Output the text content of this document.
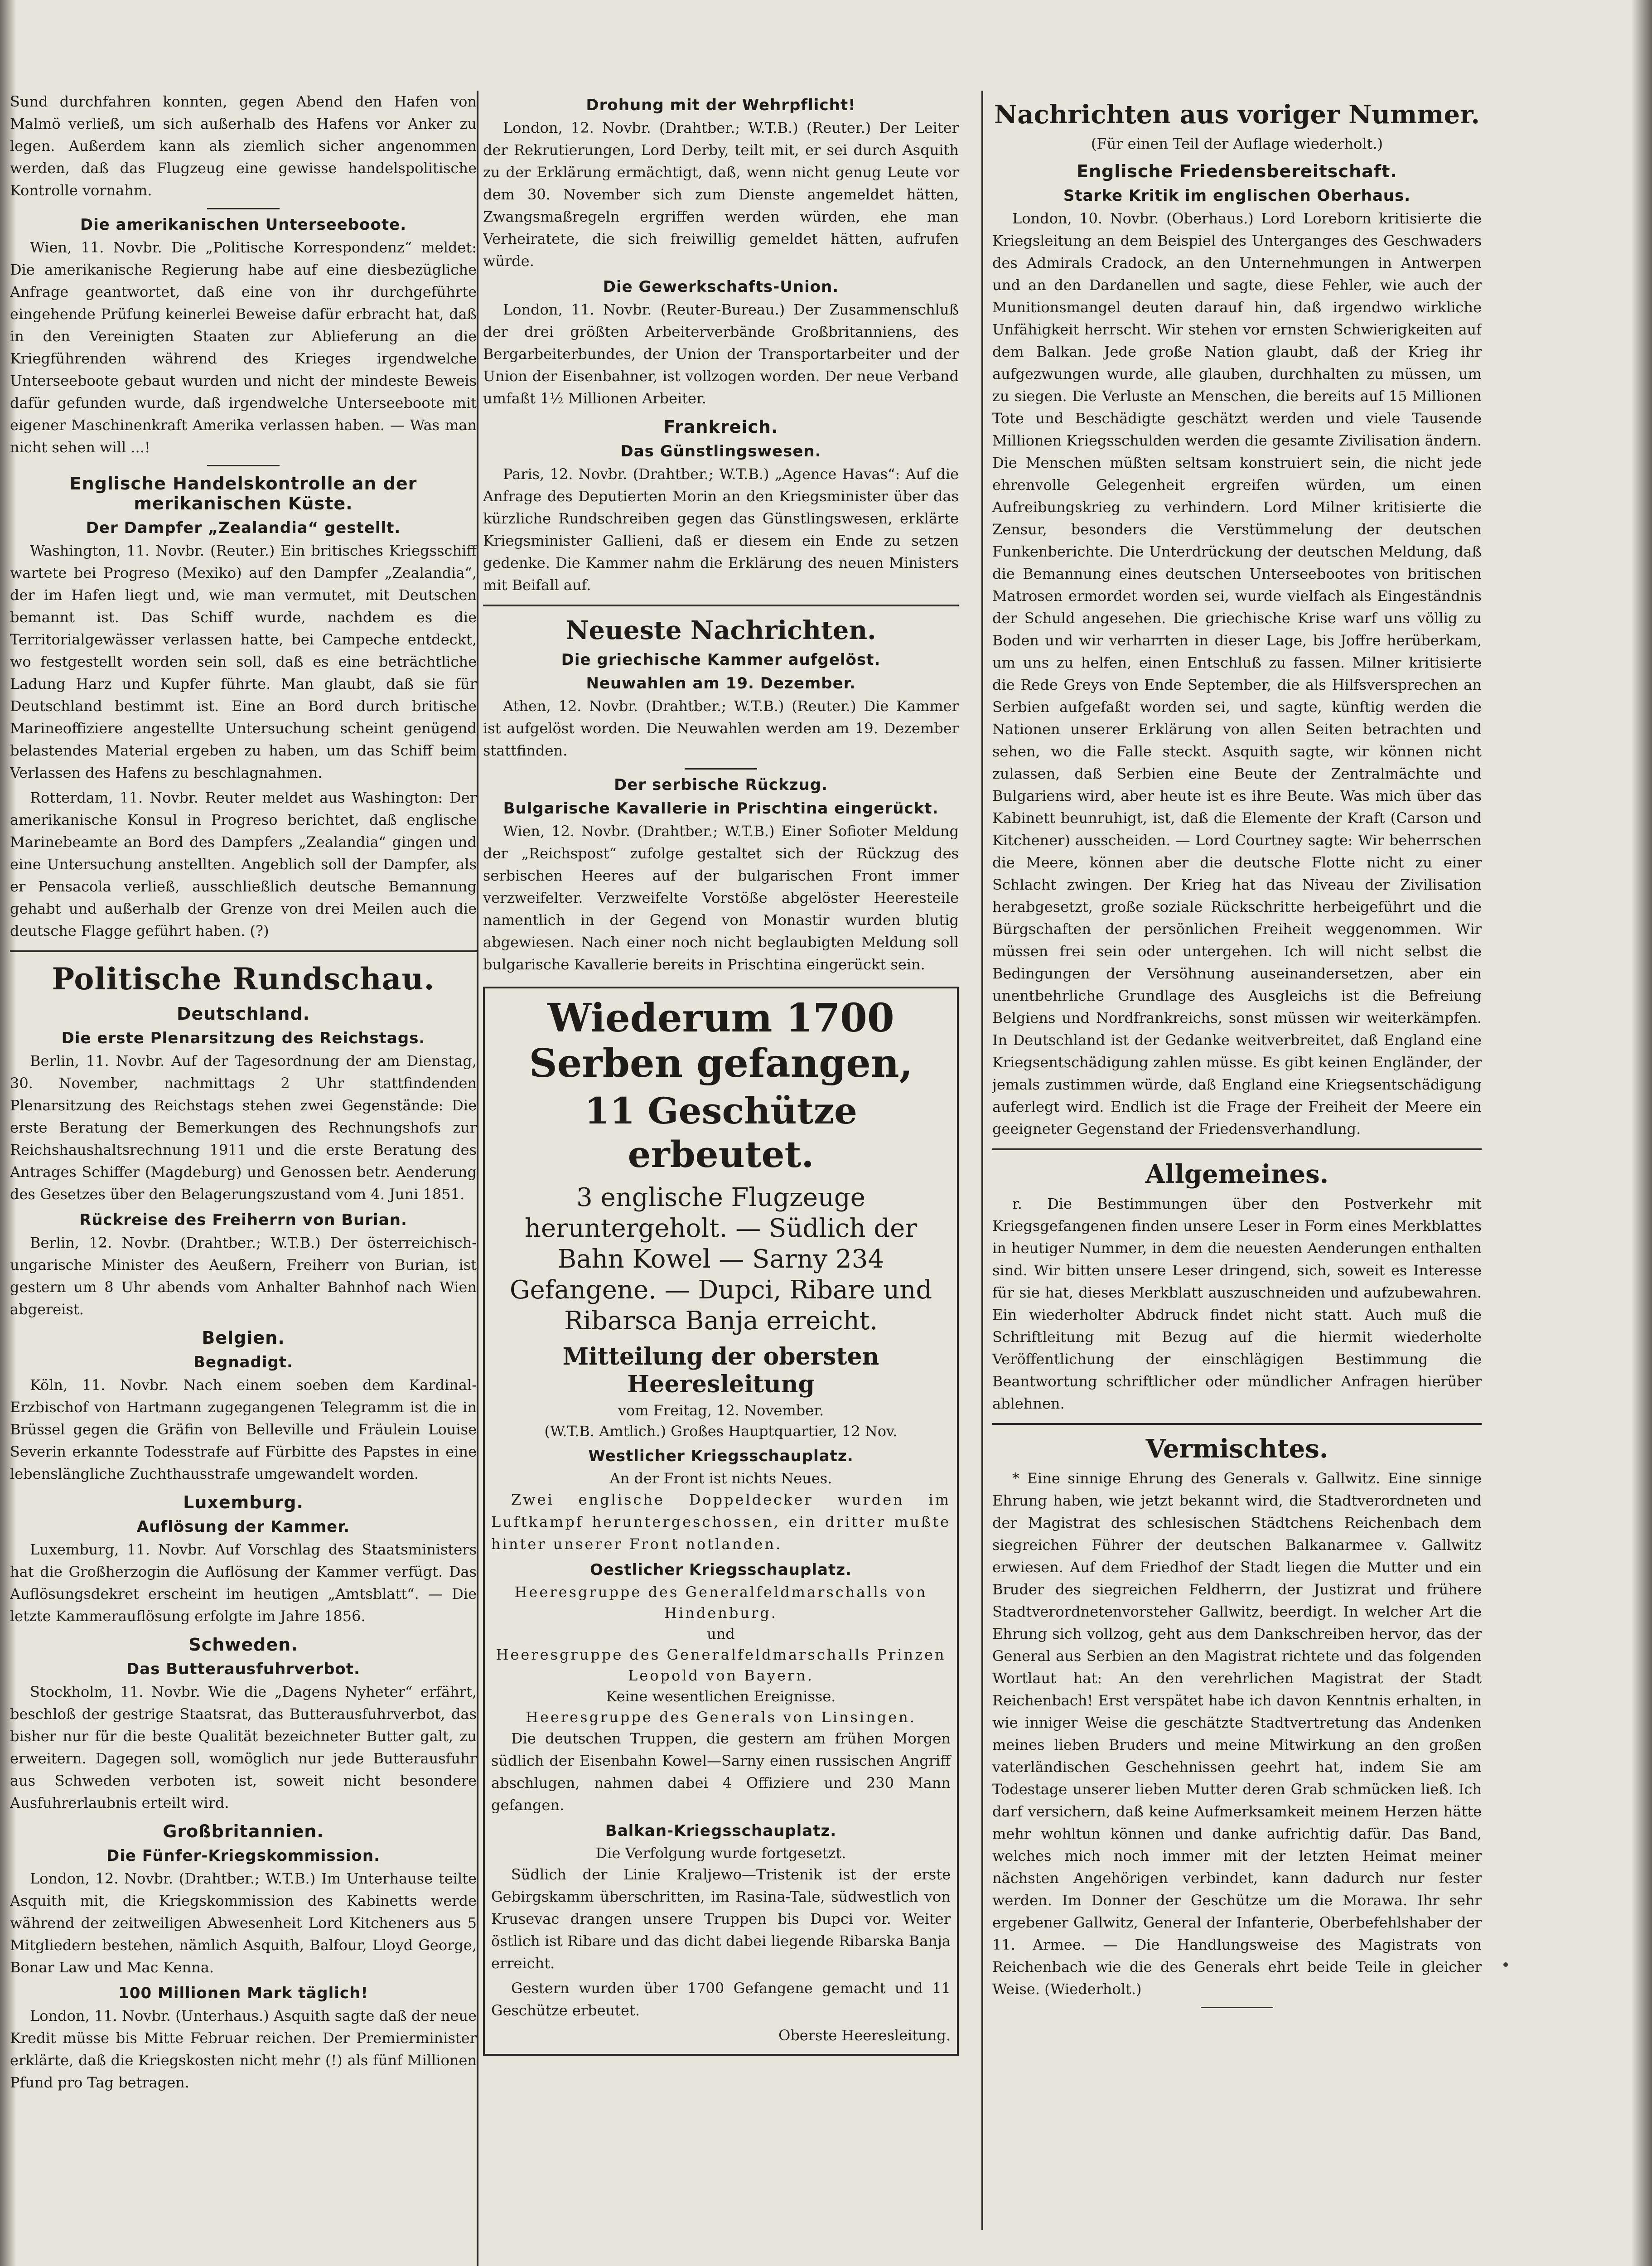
Sund durchfahren konnten, gegen Abend den Hafen von Malmö verließ, um sich außerhalb des Hafens vor Anker zu legen. Außerdem kann als ziemlich sicher angenommen werden, daß das Flugzeug eine gewisse handelspolitische Kontrolle vornahm.

Die amerikanischen Unterseeboote.

Wien, 11. Novbr. Die „Politische Korrespondenz“ meldet: Die amerikanische Regierung habe auf eine diesbezügliche Anfrage geantwortet, daß eine von ihr durchgeführte eingehende Prüfung keinerlei Beweise dafür erbracht hat, daß in den Vereinigten Staaten zur Ablieferung an die Kriegführenden während des Krieges irgendwelche Unterseeboote gebaut wurden und nicht der mindeste Beweis dafür gefunden wurde, daß irgendwelche Unterseeboote mit eigener Maschinenkraft Amerika verlassen haben. — Was man nicht sehen will ...!

Englische Handelskontrolle an der merikanischen Küste.
Der Dampfer „Zealandia“ gestellt.

Washington, 11. Novbr. (Reuter.) Ein britisches Kriegsschiff wartete bei Progreso (Mexiko) auf den Dampfer „Zealandia“, der im Hafen liegt und, wie man vermutet, mit Deutschen bemannt ist. Das Schiff wurde, nachdem es die Territorialgewässer verlassen hatte, bei Campeche entdeckt, wo festgestellt worden sein soll, daß es eine beträchtliche Ladung Harz und Kupfer führte. Man glaubt, daß sie für Deutschland bestimmt ist. Eine an Bord durch britische Marineoffiziere angestellte Untersuchung scheint genügend belastendes Material ergeben zu haben, um das Schiff beim Verlassen des Hafens zu beschlagnahmen.

Rotterdam, 11. Novbr. Reuter meldet aus Washington: Der amerikanische Konsul in Progreso berichtet, daß englische Marinebeamte an Bord des Dampfers „Zealandia“ gingen und eine Untersuchung anstellten. Angeblich soll der Dampfer, als er Pensacola verließ, ausschließlich deutsche Bemannung gehabt und außerhalb der Grenze von drei Meilen auch die deutsche Flagge geführt haben. (?)

Politische Rundschau.
Deutschland.
Die erste Plenarsitzung des Reichstags.

Berlin, 11. Novbr. Auf der Tagesordnung der am Dienstag, 30. November, nachmittags 2 Uhr stattfindenden Plenarsitzung des Reichstags stehen zwei Gegenstände: Die erste Beratung der Bemerkungen des Rechnungshofs zur Reichshaushaltsrechnung 1911 und die erste Beratung des Antrages Schiffer (Magdeburg) und Genossen betr. Aenderung des Gesetzes über den Belagerungszustand vom 4. Juni 1851.

Rückreise des Freiherrn von Burian.

Berlin, 12. Novbr. (Drahtber.; W.T.B.) Der österreichisch-ungarische Minister des Aeußern, Freiherr von Burian, ist gestern um 8 Uhr abends vom Anhalter Bahnhof nach Wien abgereist.

Belgien.
Begnadigt.

Köln, 11. Novbr. Nach einem soeben dem Kardinal-Erzbischof von Hartmann zugegangenen Telegramm ist die in Brüssel gegen die Gräfin von Belleville und Fräulein Louise Severin erkannte Todesstrafe auf Fürbitte des Papstes in eine lebenslängliche Zuchthausstrafe umgewandelt worden.

Luxemburg.
Auflösung der Kammer.

Luxemburg, 11. Novbr. Auf Vorschlag des Staatsministers hat die Großherzogin die Auflösung der Kammer verfügt. Das Auflösungsdekret erscheint im heutigen „Amtsblatt“. — Die letzte Kammerauflösung erfolgte im Jahre 1856.

Schweden.
Das Butterausfuhrverbot.

Stockholm, 11. Novbr. Wie die „Dagens Nyheter“ erfährt, beschloß der gestrige Staatsrat, das Butterausfuhrverbot, das bisher nur für die beste Qualität bezeichneter Butter galt, zu erweitern. Dagegen soll, womöglich nur jede Butterausfuhr aus Schweden verboten ist, soweit nicht besondere Ausfuhrerlaubnis erteilt wird.

Großbritannien.
Die Fünfer-Kriegskommission.

London, 12. Novbr. (Drahtber.; W.T.B.) Im Unterhause teilte Asquith mit, die Kriegskommission des Kabinetts werde während der zeitweiligen Abwesenheit Lord Kitcheners aus 5 Mitgliedern bestehen, nämlich Asquith, Balfour, Lloyd George, Bonar Law und Mac Kenna.

100 Millionen Mark täglich!

London, 11. Novbr. (Unterhaus.) Asquith sagte daß der neue Kredit müsse bis Mitte Februar reichen. Der Premierminister erklärte, daß die Kriegskosten nicht mehr (!) als fünf Millionen Pfund pro Tag betragen.

Drohung mit der Wehrpflicht!

London, 12. Novbr. (Drahtber.; W.T.B.) (Reuter.) Der Leiter der Rekrutierungen, Lord Derby, teilt mit, er sei durch Asquith zu der Erklärung ermächtigt, daß, wenn nicht genug Leute vor dem 30. November sich zum Dienste angemeldet hätten, Zwangsmaßregeln ergriffen werden würden, ehe man Verheiratete, die sich freiwillig gemeldet hätten, aufrufen würde.

Die Gewerkschafts-Union.

London, 11. Novbr. (Reuter-Bureau.) Der Zusammenschluß der drei größten Arbeiterverbände Großbritanniens, des Bergarbeiterbundes, der Union der Transportarbeiter und der Union der Eisenbahner, ist vollzogen worden. Der neue Verband umfaßt 1½ Millionen Arbeiter.

Frankreich.
Das Günstlingswesen.

Paris, 12. Novbr. (Drahtber.; W.T.B.) „Agence Havas“: Auf die Anfrage des Deputierten Morin an den Kriegsminister über das kürzliche Rundschreiben gegen das Günstlingswesen, erklärte Kriegsminister Gallieni, daß er diesem ein Ende zu setzen gedenke. Die Kammer nahm die Erklärung des neuen Ministers mit Beifall auf.

Neueste Nachrichten.
Die griechische Kammer aufgelöst.
Neuwahlen am 19. Dezember.

Athen, 12. Novbr. (Drahtber.; W.T.B.) (Reuter.) Die Kammer ist aufgelöst worden. Die Neuwahlen werden am 19. Dezember stattfinden.

Der serbische Rückzug.
Bulgarische Kavallerie in Prischtina eingerückt.

Wien, 12. Novbr. (Drahtber.; W.T.B.) Einer Sofioter Meldung der „Reichspost“ zufolge gestaltet sich der Rückzug des serbischen Heeres auf der bulgarischen Front immer verzweifelter. Verzweifelte Vorstöße abgelöster Heeresteile namentlich in der Gegend von Monastir wurden blutig abgewiesen. Nach einer noch nicht beglaubigten Meldung soll bulgarische Kavallerie bereits in Prischtina eingerückt sein.

Wiederum 1700 Serben gefangen,
11 Geschütze erbeutet.
3 englische Flugzeuge heruntergeholt. — Südlich der Bahn Kowel — Sarny 234 Gefangene. — Dupci, Ribare und Ribarsca Banja erreicht.
Mitteilung der obersten Heeresleitung
vom Freitag, 12. November.
(W.T.B. Amtlich.) Großes Hauptquartier, 12 Nov.
Westlicher Kriegsschauplatz.
An der Front ist nichts Neues.

Zwei englische Doppeldecker wurden im Luftkampf heruntergeschossen, ein dritter mußte hinter unserer Front notlanden.

Oestlicher Kriegsschauplatz.
Heeresgruppe des Generalfeldmarschalls von Hindenburg.
und
Heeresgruppe des Generalfeldmarschalls Prinzen Leopold von Bayern.
Keine wesentlichen Ereignisse.
Heeresgruppe des Generals von Linsingen.

Die deutschen Truppen, die gestern am frühen Morgen südlich der Eisenbahn Kowel—Sarny einen russischen Angriff abschlugen, nahmen dabei 4 Offiziere und 230 Mann gefangen.

Balkan-Kriegsschauplatz.
Die Verfolgung wurde fortgesetzt.

Südlich der Linie Kraljewo—Tristenik ist der erste Gebirgskamm überschritten, im Rasina-Tale, südwestlich von Krusevac drangen unsere Truppen bis Dupci vor. Weiter östlich ist Ribare und das dicht dabei liegende Ribarska Banja erreicht.

Gestern wurden über 1700 Gefangene gemacht und 11 Geschütze erbeutet.

Oberste Heeresleitung.

Nachrichten aus voriger Nummer.
(Für einen Teil der Auflage wiederholt.)
Englische Friedensbereitschaft.
Starke Kritik im englischen Oberhaus.

London, 10. Novbr. (Oberhaus.) Lord Loreborn kritisierte die Kriegsleitung an dem Beispiel des Unterganges des Geschwaders des Admirals Cradock, an den Unternehmungen in Antwerpen und an den Dardanellen und sagte, diese Fehler, wie auch der Munitionsmangel deuten darauf hin, daß irgendwo wirkliche Unfähigkeit herrscht. Wir stehen vor ernsten Schwierigkeiten auf dem Balkan. Jede große Nation glaubt, daß der Krieg ihr aufgezwungen wurde, alle glauben, durchhalten zu müssen, um zu siegen. Die Verluste an Menschen, die bereits auf 15 Millionen Tote und Beschädigte geschätzt werden und viele Tausende Millionen Kriegsschulden werden die gesamte Zivilisation ändern. Die Menschen müßten seltsam konstruiert sein, die nicht jede ehrenvolle Gelegenheit ergreifen würden, um einen Aufreibungskrieg zu verhindern. Lord Milner kritisierte die Zensur, besonders die Verstümmelung der deutschen Funkenberichte. Die Unterdrückung der deutschen Meldung, daß die Bemannung eines deutschen Unterseebootes von britischen Matrosen ermordet worden sei, wurde vielfach als Eingeständnis der Schuld angesehen. Die griechische Krise warf uns völlig zu Boden und wir verharrten in dieser Lage, bis Joffre herüberkam, um uns zu helfen, einen Entschluß zu fassen. Milner kritisierte die Rede Greys von Ende September, die als Hilfsversprechen an Serbien aufgefaßt worden sei, und sagte, künftig werden die Nationen unserer Erklärung von allen Seiten betrachten und sehen, wo die Falle steckt. Asquith sagte, wir können nicht zulassen, daß Serbien eine Beute der Zentralmächte und Bulgariens wird, aber heute ist es ihre Beute. Was mich über das Kabinett beunruhigt, ist, daß die Elemente der Kraft (Carson und Kitchener) ausscheiden. — Lord Courtney sagte: Wir beherrschen die Meere, können aber die deutsche Flotte nicht zu einer Schlacht zwingen. Der Krieg hat das Niveau der Zivilisation herabgesetzt, große soziale Rückschritte herbeigeführt und die Bürgschaften der persönlichen Freiheit weggenommen. Wir müssen frei sein oder untergehen. Ich will nicht selbst die Bedingungen der Versöhnung auseinandersetzen, aber ein unentbehrliche Grundlage des Ausgleichs ist die Befreiung Belgiens und Nordfrankreichs, sonst müssen wir weiterkämpfen. In Deutschland ist der Gedanke weitverbreitet, daß England eine Kriegsentschädigung zahlen müsse. Es gibt keinen Engländer, der jemals zustimmen würde, daß England eine Kriegsentschädigung auferlegt wird. Endlich ist die Frage der Freiheit der Meere ein geeigneter Gegenstand der Friedensverhandlung.

Allgemeines.

r. Die Bestimmungen über den Postverkehr mit Kriegsgefangenen finden unsere Leser in Form eines Merkblattes in heutiger Nummer, in dem die neuesten Aenderungen enthalten sind. Wir bitten unsere Leser dringend, sich, soweit es Interesse für sie hat, dieses Merkblatt auszuschneiden und aufzubewahren. Ein wiederholter Abdruck findet nicht statt. Auch muß die Schriftleitung mit Bezug auf die hiermit wiederholte Veröffentlichung der einschlägigen Bestimmung die Beantwortung schriftlicher oder mündlicher Anfragen hierüber ablehnen.

Vermischtes.

* Eine sinnige Ehrung des Generals v. Gallwitz. Eine sinnige Ehrung haben, wie jetzt bekannt wird, die Stadtverordneten und der Magistrat des schlesischen Städtchens Reichenbach dem siegreichen Führer der deutschen Balkanarmee v. Gallwitz erwiesen. Auf dem Friedhof der Stadt liegen die Mutter und ein Bruder des siegreichen Feldherrn, der Justizrat und frühere Stadtverordnetenvorsteher Gallwitz, beerdigt. In welcher Art die Ehrung sich vollzog, geht aus dem Dankschreiben hervor, das der General aus Serbien an den Magistrat richtete und das folgenden Wortlaut hat: An den verehrlichen Magistrat der Stadt Reichenbach! Erst verspätet habe ich davon Kenntnis erhalten, in wie inniger Weise die geschätzte Stadtvertretung das Andenken meines lieben Bruders und meine Mitwirkung an den großen vaterländischen Geschehnissen geehrt hat, indem Sie am Todestage unserer lieben Mutter deren Grab schmücken ließ. Ich darf versichern, daß keine Aufmerksamkeit meinem Herzen hätte mehr wohltun können und danke aufrichtig dafür. Das Band, welches mich noch immer mit der letzten Heimat meiner nächsten Angehörigen verbindet, kann dadurch nur fester werden. Im Donner der Geschütze um die Morawa. Ihr sehr ergebener Gallwitz, General der Infanterie, Oberbefehlshaber der 11. Armee. — Die Handlungsweise des Magistrats von Reichenbach wie die des Generals ehrt beide Teile in gleicher Weise. (Wiederholt.)
